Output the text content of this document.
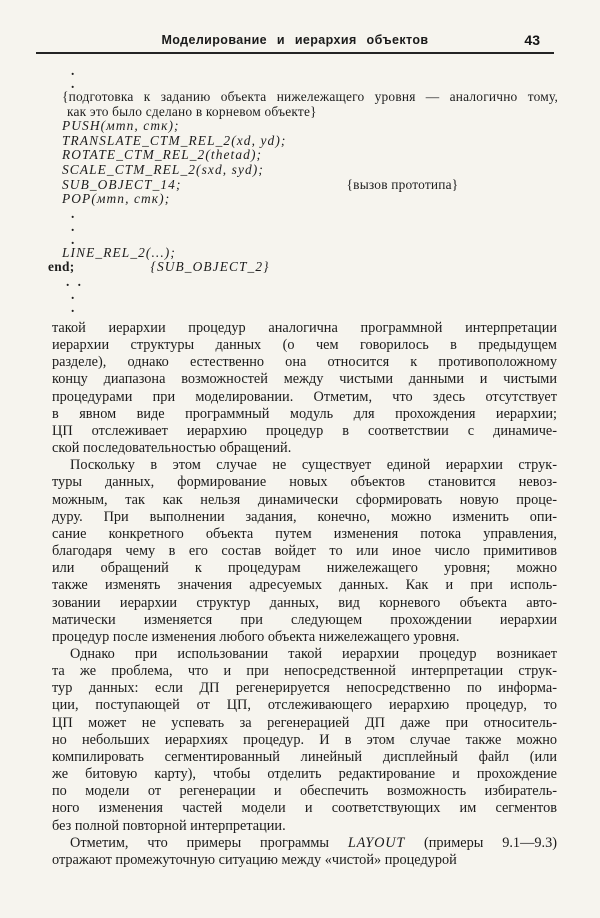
Моделирование и иерархия объектов	43
.
.
{подготовка к заданию объекта нижележащего уровня — аналогично тому,
как это было сделано в корневом объекте}
PUSH(мтп, стк);
TRANSLATE_CTM_REL_2(xd, yd);
ROTATE_CTM_REL_2(thetad);
SCALE_CTM_REL_2(sxd, syd);
SUB_OBJECT_14;	{вызов прототипа}
POP(мтп, стк);
.
.
.
LINE_REL_2(...);
end;	{SUB_OBJECT_2}
. .
.
.
такой иерархии процедур аналогична программной интерпретации
иерархии структуры данных (о чем говорилось в предыдущем
разделе), однако естественно она относится к противоположному
концу диапазона возможностей между чистыми данными и чистыми
процедурами при моделировании. Отметим, что здесь отсутствует
в явном виде программный модуль для прохождения иерархии;
ЦП отслеживает иерархию процедур в соответствии с динамиче-
ской последовательностью обращений.
Поскольку в этом случае не существует единой иерархии струк-
туры данных, формирование новых объектов становится невоз-
можным, так как нельзя динамически сформировать новую проце-
дуру. При выполнении задания, конечно, можно изменить опи-
сание конкретного объекта путем изменения потока управления,
благодаря чему в его состав войдет то или иное число примитивов
или обращений к процедурам нижележащего уровня; можно
также изменять значения адресуемых данных. Как и при исполь-
зовании иерархии структур данных, вид корневого объекта авто-
матически изменяется при следующем прохождении иерархии
процедур после изменения любого объекта нижележащего уровня.
Однако при использовании такой иерархии процедур возникает
та же проблема, что и при непосредственной интерпретации струк-
тур данных: если ДП регенерируется непосредственно по информа-
ции, поступающей от ЦП, отслеживающего иерархию процедур, то
ЦП может не успевать за регенерацией ДП даже при относитель-
но небольших иерархиях процедур. И в этом случае также можно
компилировать сегментированный линейный дисплейный файл (или
же битовую карту), чтобы отделить редактирование и прохождение
по модели от регенерации и обеспечить возможность избиратель-
ного изменения частей модели и соответствующих им сегментов
без полной повторной интерпретации.
Отметим, что примеры программы LAYOUT (примеры 9.1—9.3)
отражают промежуточную ситуацию между «чистой» процедурой
